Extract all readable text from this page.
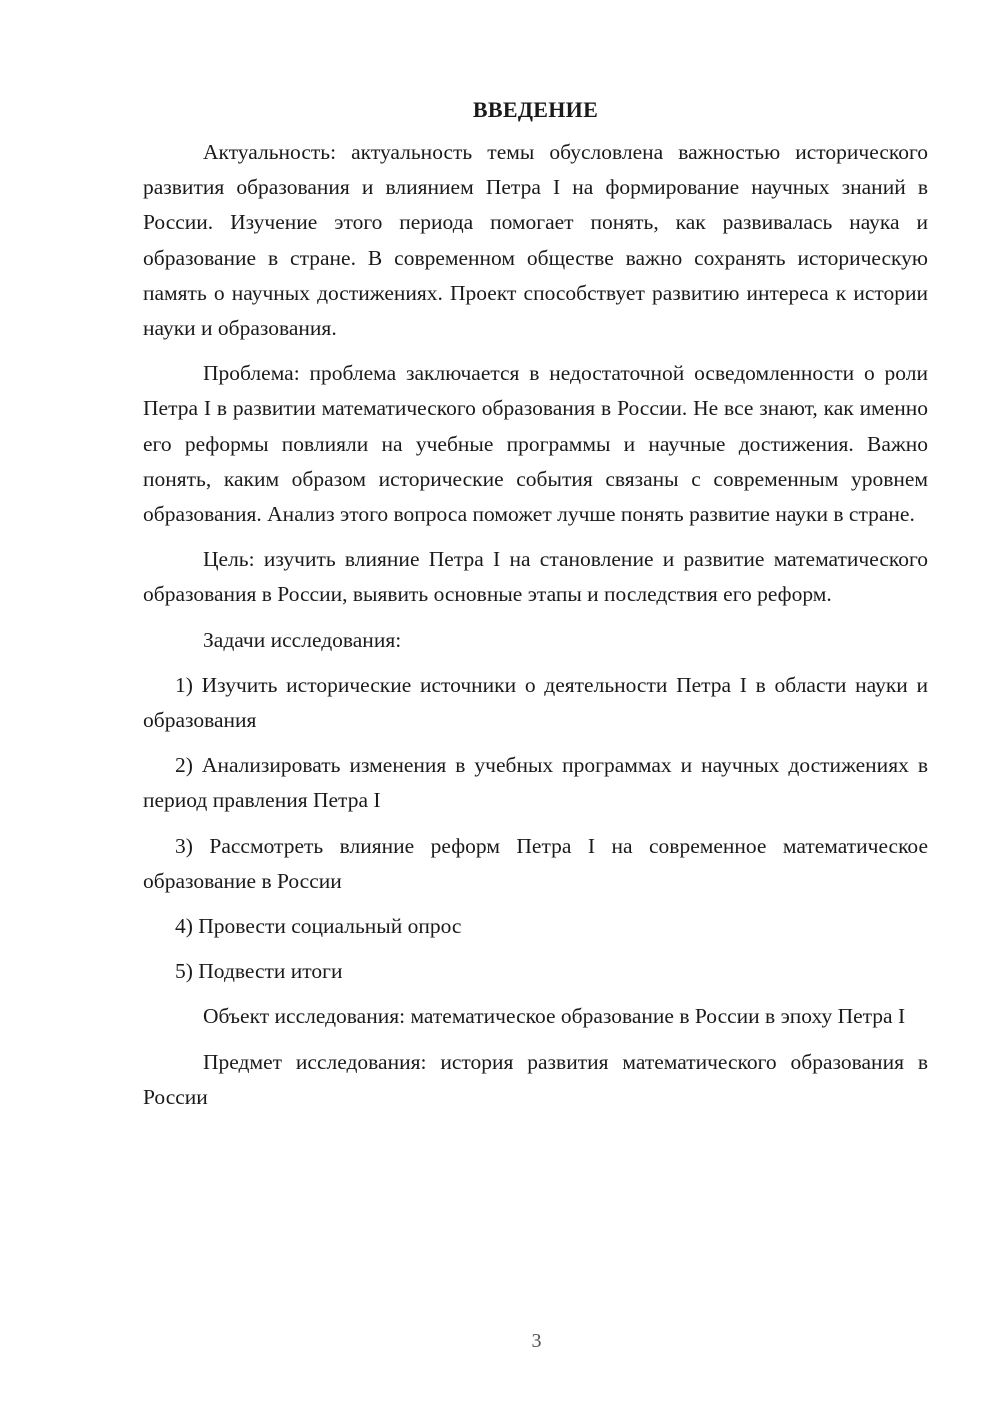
ВВЕДЕНИЕ

Актуальность: актуальность темы обусловлена важностью исторического развития образования и влиянием Петра I на формирование научных знаний в России. Изучение этого периода помогает понять, как развивалась наука и образование в стране. В современном обществе важно сохранять историческую память о научных достижениях. Проект способствует развитию интереса к истории науки и образования.

Проблема: проблема заключается в недостаточной осведомленности о роли Петра I в развитии математического образования в России. Не все знают, как именно его реформы повлияли на учебные программы и научные достижения. Важно понять, каким образом исторические события связаны с современным уровнем образования. Анализ этого вопроса поможет лучше понять развитие науки в стране.

Цель: изучить влияние Петра I на становление и развитие математического образования в России, выявить основные этапы и последствия его реформ.

Задачи исследования:

1) Изучить исторические источники о деятельности Петра I в области науки и образования

2) Анализировать изменения в учебных программах и научных достижениях в период правления Петра I

3) Рассмотреть влияние реформ Петра I на современное математическое образование в России

4) Провести социальный опрос

5) Подвести итоги

Объект исследования: математическое образование в России в эпоху Петра I

Предмет исследования: история развития математического образования в России

3
